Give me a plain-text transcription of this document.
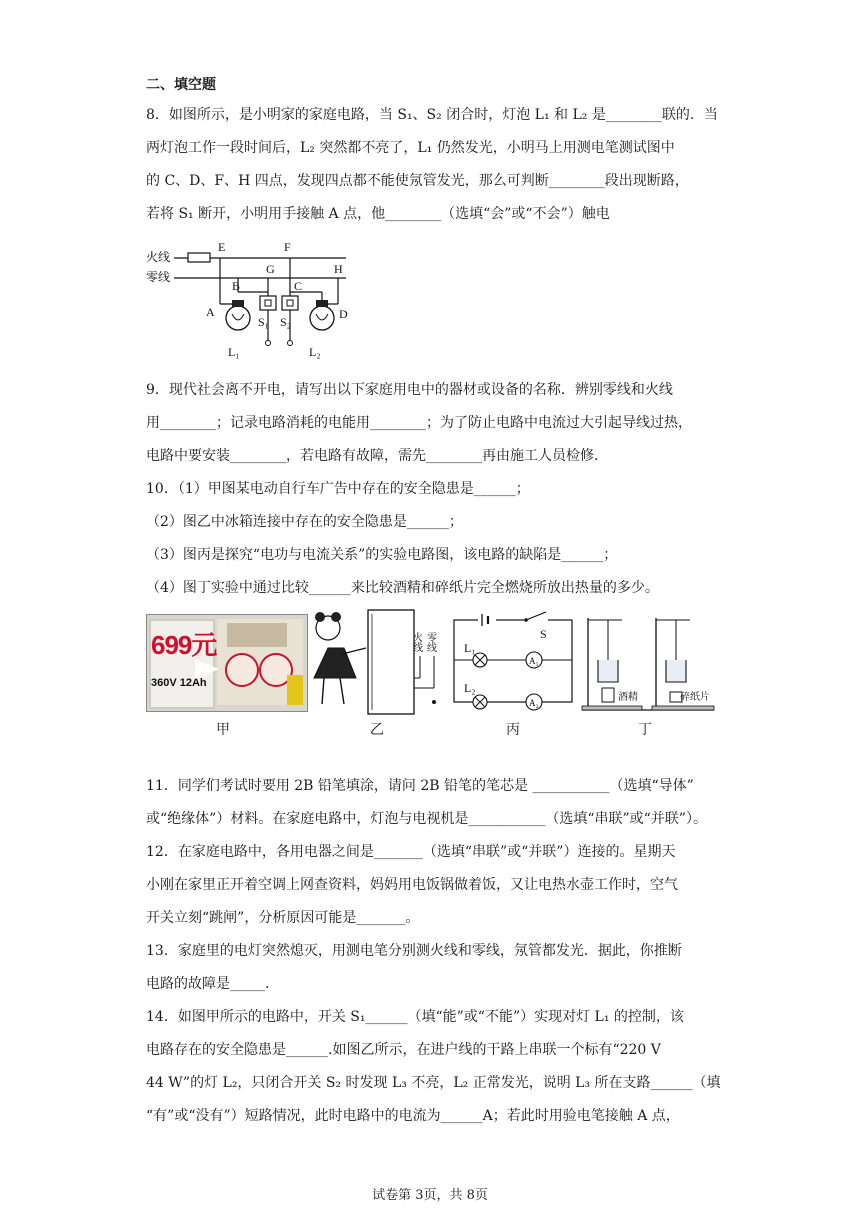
二、填空题
8．如图所示，是小明家的家庭电路，当 S₁、S₂ 闭合时，灯泡 L₁ 和 L₂ 是________联的．当
两灯泡工作一段时间后，L₂ 突然都不亮了，L₁ 仍然发光，小明马上用测电笔测试图中
的 C、D、F、H 四点，发现四点都不能使氖管发光，那么可判断________段出现断路，
若将 S₁ 断开，小明用手接触 A 点，他________（选填“会”或“不会”）触电
火线
零线
E	F
G	H
B
A
L₁
S₁ S₂
C
D
L₂
9．现代社会离不开电，请写出以下家庭用电中的器材或设备的名称．辨别零线和火线
用________；记录电路消耗的电能用________；为了防止电路中电流过大引起导线过热，
电路中要安装________，若电路有故障，需先________再由施工人员检修．
10．（1）甲图某电动自行车广告中存在的安全隐患是______；
（2）图乙中冰箱连接中存在的安全隐患是______；
（3）图丙是探究“电功与电流关系”的实验电路图，该电路的缺陷是______；
（4）图丁实验中通过比较______来比较酒精和碎纸片完全燃烧所放出热量的多少。
699元
360V 12Ah
甲
火线 零线
乙
S
L₁
A₁
L₂
A₂
丙
酒精	碎纸片
丁
11．同学们考试时要用 2B 铅笔填涂，请问 2B 铅笔的笔芯是 ___________（选填“导体”
或“绝缘体”）材料。在家庭电路中，灯泡与电视机是___________（选填“串联”或“并联”）。
12．在家庭电路中，各用电器之间是_______（选填“串联”或“并联”）连接的。星期天
小刚在家里正开着空调上网查资料，妈妈用电饭锅做着饭，又让电热水壶工作时，空气
开关立刻“跳闸”，分析原因可能是_______。
13．家庭里的电灯突然熄灭，用测电笔分别测火线和零线，氖管都发光．据此，你推断
电路的故障是_____．
14．如图甲所示的电路中，开关 S₁______（填“能”或“不能”）实现对灯 L₁ 的控制，该
电路存在的安全隐患是______.如图乙所示，在进户线的干路上串联一个标有“220 V
44 W”的灯 L₂，只闭合开关 S₂ 时发现 L₃ 不亮，L₂ 正常发光，说明 L₃ 所在支路______（填
“有”或“没有”）短路情况，此时电路中的电流为______A；若此时用验电笔接触 A 点，
试卷第 3页，共 8页
